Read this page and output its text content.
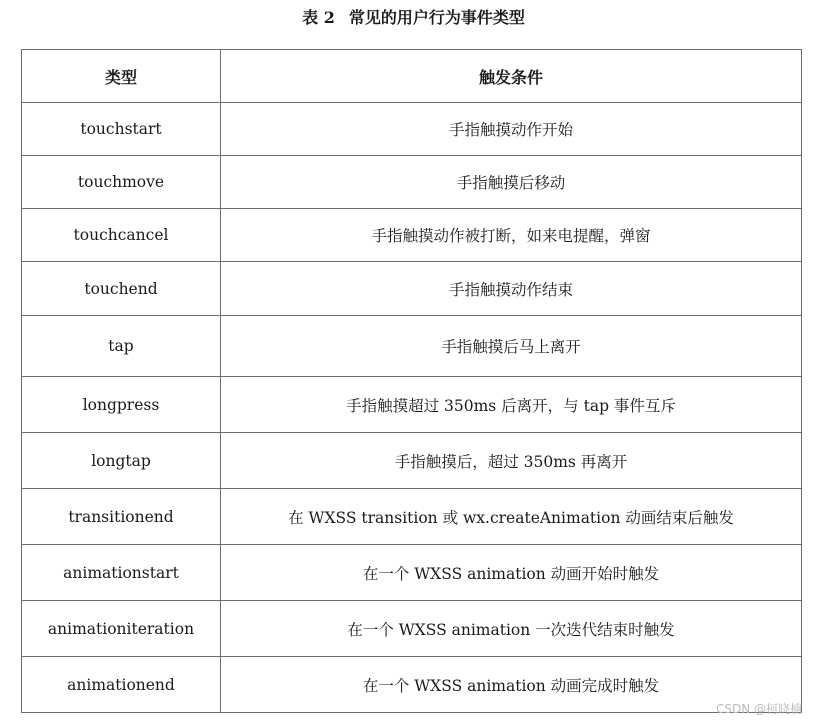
表 2 常见的用户行为事件类型
类型	触发条件
touchstart	手指触摸动作开始
touchmove	手指触摸后移动
touchcancel	手指触摸动作被打断，如来电提醒，弹窗
touchend	手指触摸动作结束
tap	手指触摸后马上离开
longpress	手指触摸超过 350ms 后离开，与 tap 事件互斥
longtap	手指触摸后，超过 350ms 再离开
transitionend	在 WXSS transition 或 wx.createAnimation 动画结束后触发
animationstart	在一个 WXSS animation 动画开始时触发
animationiteration	在一个 WXSS animation 一次迭代结束时触发
animationend	在一个 WXSS animation 动画完成时触发
CSDN @柯晓楠
